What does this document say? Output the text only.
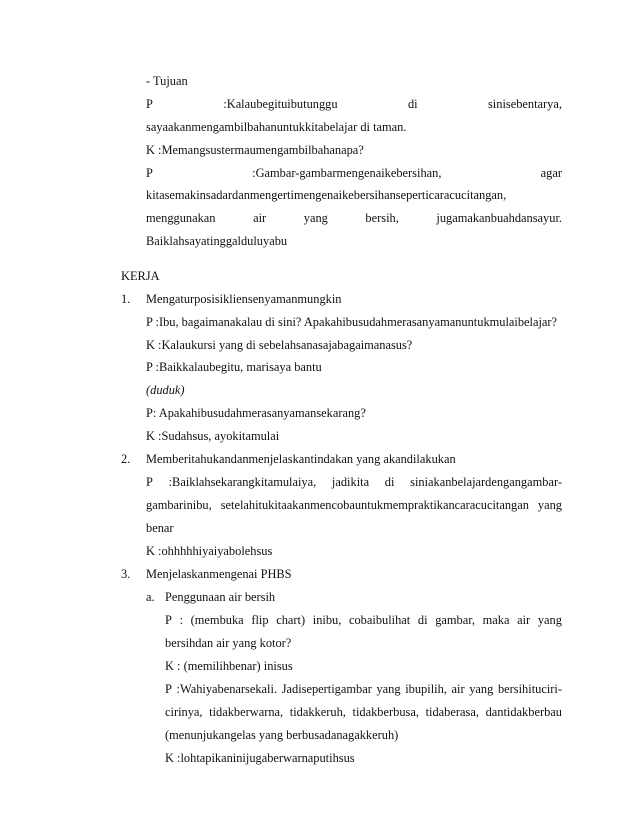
- Tujuan
P	:Kalaubegituibutunggu	di	sinisebentarya,
sayaakanmengambilbahanuntukkitabelajar di taman.
K :Memangsustermaumengambilbahanapa?
P	:Gambar-gambarmengenaikebersihan,	agar
kitasemakinsadardanmengertimengenaikebersihanseperticaracucitangan,
menggunakan	air	yang	bersih,	jugamakanbuahdansayur.
Baiklahsayatinggalduluyabu
KERJA
1. Mengaturposisikliensenyamanmungkin
P :Ibu, bagaimanakalau di sini? Apakahibusudahmerasanyamanuntukmulaibelajar?
K :Kalaukursi yang di sebelahsanasajabagaimanasus?
P :Baikkalaubegitu, marisaya bantu
(duduk)
P: Apakahibusudahmerasanyamansekarang?
K :Sudahsus, ayokitamulai
2. Memberitahukandanmenjelaskantindakan yang akandilakukan
P :Baiklahsekarangkitamulaiya, jadikita di siniakanbelajardengangambar-
gambarinibu, setelahitukitaakanmencobauntukmempraktikancaracucitangan yang
benar
K :ohhhhhiyaiyabolehsus
3. Menjelaskanmengenai PHBS
a. Penggunaan air bersih
P : (membuka flip chart) inibu, cobaibulihat di gambar, maka air yang
bersihdan air yang kotor?
K : (memilihbenar) inisus
P :Wahiyabenarsekali. Jadisepertigambar yang ibupilih, air yang bersihituciri-
cirinya, tidakberwarna, tidakkeruh, tidakberbusa, tidaberasa, dantidakberbau
(menunjukangelas yang berbusadanagakkeruh)
K :lohtapikaninijugaberwarnaputihsus
